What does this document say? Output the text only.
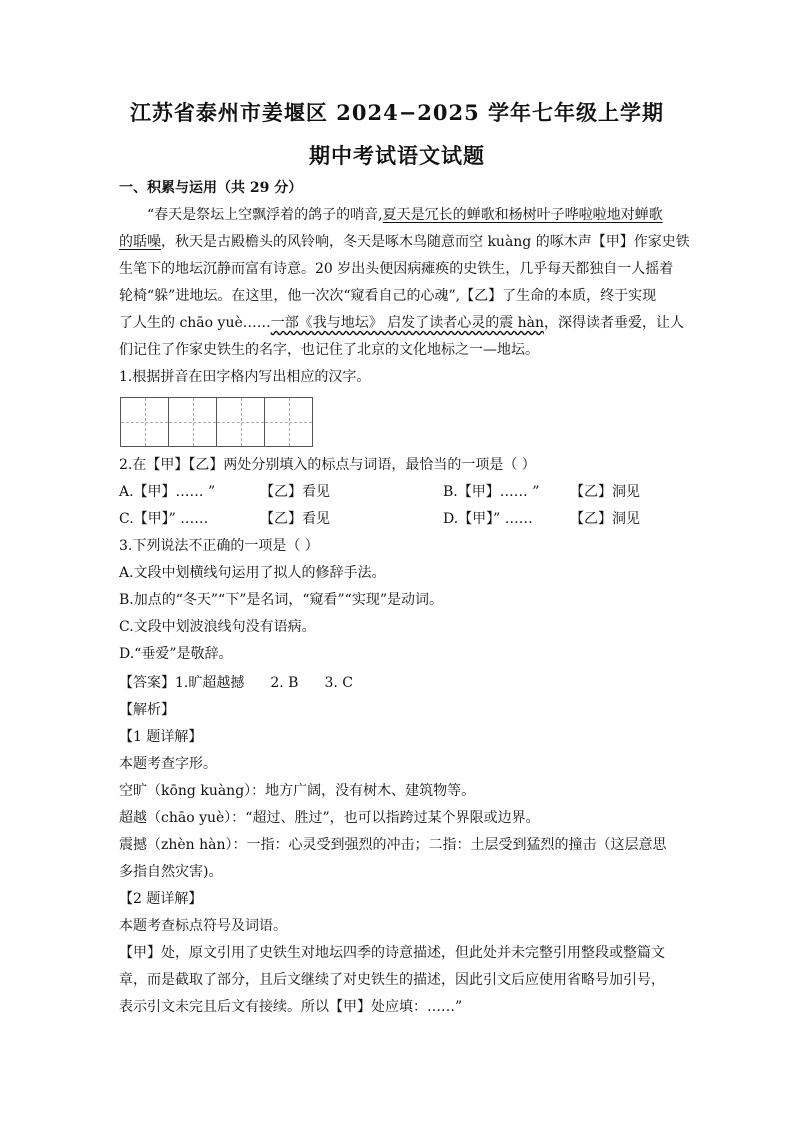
江苏省泰州市姜堰区 2024−2025 学年七年级上学期
期中考试语文试题

一、积累与运用（共 29 分）

“春天是祭坛上空飘浮着的鸽子的哨音,夏天是冗长的蝉歌和杨树叶子哗啦啦地对蝉歌

的聒噪，秋天是古殿檐头的风铃响，冬天是啄木鸟随意而空 kuàng 的啄木声【甲】作家史铁

生笔下的地坛沉静而富有诗意。20 岁出头便因病瘫痪的史铁生，几乎每天都独自一人摇着

轮椅“躲”进地坛。在这里，他一次次“窥看自己的心魂”,【乙】了生命的本质，终于实现

了人生的 chāo yuè……一部《我与地坛》 启发了读者心灵的震 hàn，深得读者垂爱，让人

们记住了作家史铁生的名字，也记住了北京的文化地标之一—地坛。

1.根据拼音在田字格内写出相应的汉字。

2.在【甲】【乙】两处分别填入的标点与词语，最恰当的一项是（ ）

A.【甲】…… ”	【乙】看见	B.【甲】…… ” 【乙】洞见

C.【甲】” ……	【乙】看见	D.【甲】” ……	【乙】洞见

3.下列说法不正确的一项是（ ）

A.文段中划横线句运用了拟人的修辞手法。

B.加点的“冬天”“下”是名词，“窥看”“实现”是动词。

C.文段中划波浪线句没有语病。

D.“垂爱”是敬辞。

【答案】1.旷超越撼 2. B 3. C

【解析】

【1 题详解】

本题考查字形。

空旷（kōng kuàng）：地方广阔，没有树木、建筑物等。

超越（chāo yuè）：“超过、胜过”，也可以指跨过某个界限或边界。

震撼（zhèn hàn）：一指：心灵受到强烈的冲击；二指：土层受到猛烈的撞击（这层意思

多指自然灾害)。

【2 题详解】

本题考查标点符号及词语。

【甲】处，原文引用了史铁生对地坛四季的诗意描述，但此处并未完整引用整段或整篇文

章，而是截取了部分，且后文继续了对史铁生的描述，因此引文后应使用省略号加引号，

表示引文未完且后文有接续。所以【甲】处应填：……”
